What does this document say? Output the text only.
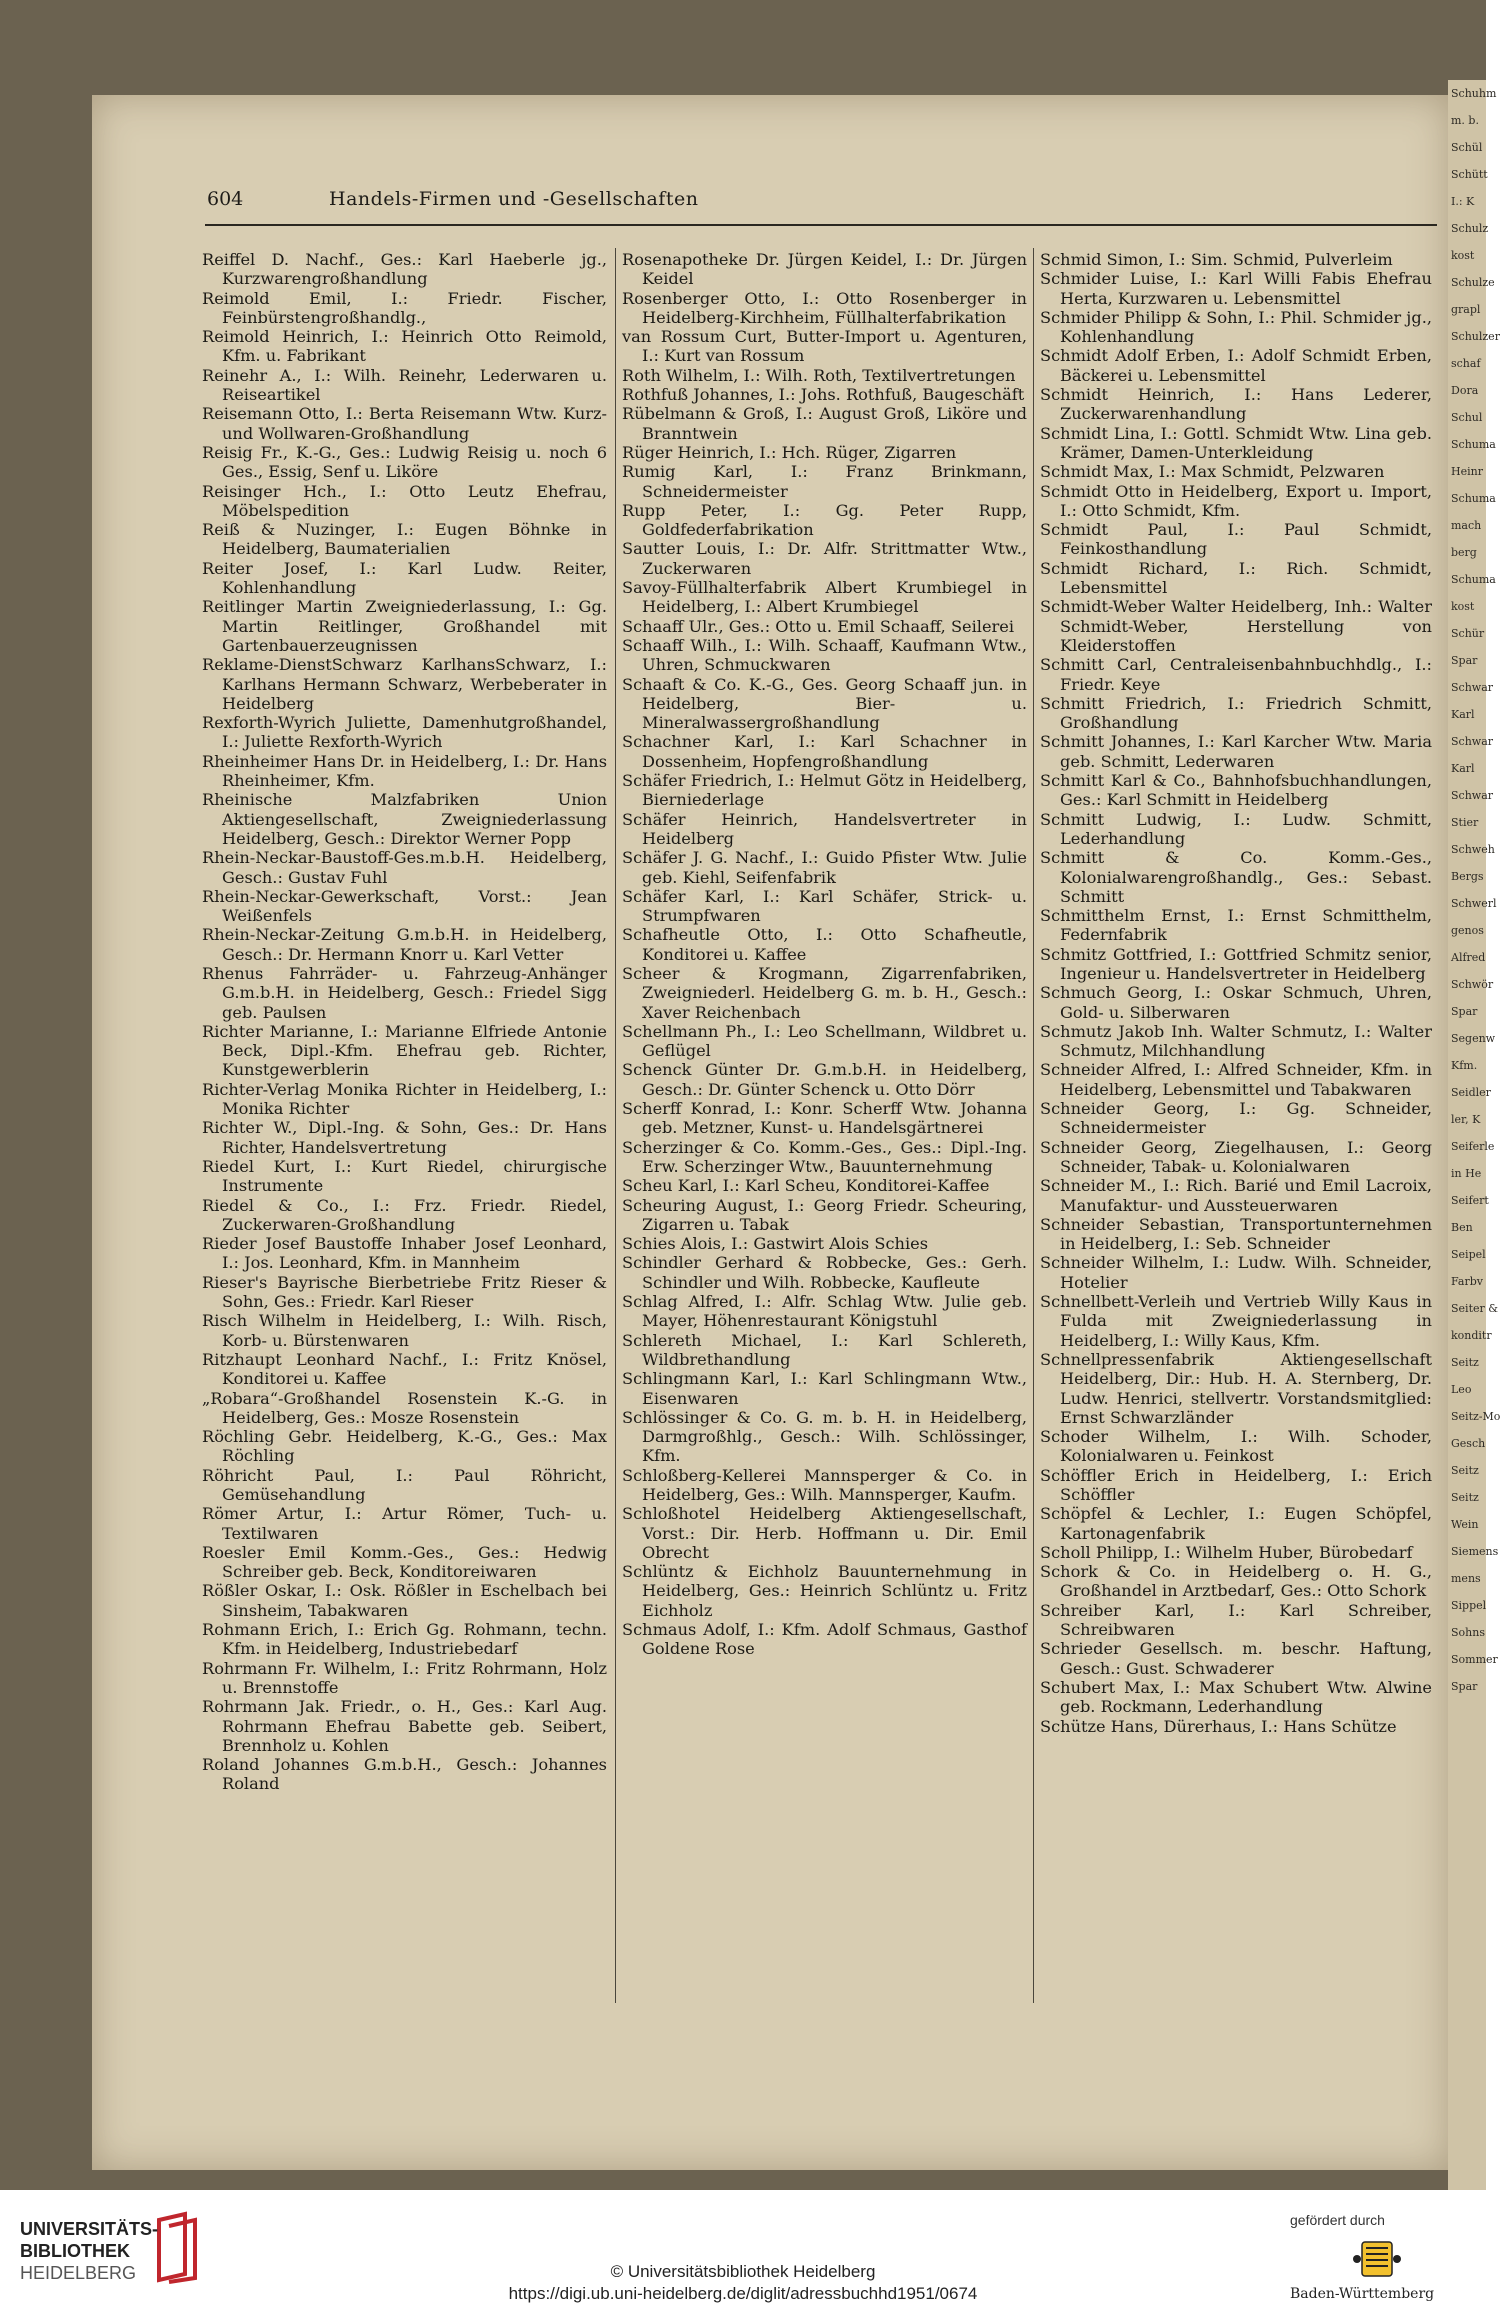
Schuhm
m. b.
Schül
Schütt
I.: K
Schulz
kost
Schulze
grapl
Schulzer
schaf
Dora
Schul
Schuma
Heinr
Schuma
mach
berg
Schuma
kost
Schür
Spar
Schwar
Karl
Schwar
Karl
Schwar
Stier
Schweh
Bergs
Schwerl
genos
Alfred
Schwör
Spar
Segenw
Kfm.
Seidler
ler, K
Seiferle
in He
Seifert
Ben
Seipel
Farbv
Seiter &
konditr
Seitz
Leo
Seitz-Mo
Gesch
Seitz
Seitz
Wein
Siemens
mens
Sippel
Sohns
Sommer
Spar
604	Handels-Firmen und -Gesellschaften

Reiffel D. Nachf., Ges.: Karl Haeberle jg., Kurzwarengroßhandlung

Reimold Emil, I.: Friedr. Fischer, Feinbürstengroßhandlg.,

Reimold Heinrich, I.: Heinrich Otto Reimold, Kfm. u. Fabrikant

Reinehr A., I.: Wilh. Reinehr, Lederwaren u. Reiseartikel

Reisemann Otto, I.: Berta Reisemann Wtw. Kurz- und Wollwaren-Großhandlung

Reisig Fr., K.-G., Ges.: Ludwig Reisig u. noch 6 Ges., Essig, Senf u. Liköre

Reisinger Hch., I.: Otto Leutz Ehefrau, Möbelspedition

Reiß & Nuzinger, I.: Eugen Böhnke in Heidelberg, Baumaterialien

Reiter Josef, I.: Karl Ludw. Reiter, Kohlenhandlung

Reitlinger Martin Zweigniederlassung, I.: Gg. Martin Reitlinger, Großhandel mit Gartenbauerzeugnissen

Reklame-DienstSchwarz KarlhansSchwarz, I.: Karlhans Hermann Schwarz, Werbeberater in Heidelberg

Rexforth-Wyrich Juliette, Damenhutgroßhandel, I.: Juliette Rexforth-Wyrich

Rheinheimer Hans Dr. in Heidelberg, I.: Dr. Hans Rheinheimer, Kfm.

Rheinische Malzfabriken Union Aktiengesellschaft, Zweigniederlassung Heidelberg, Gesch.: Direktor Werner Popp

Rhein-Neckar-Baustoff-Ges.m.b.H. Heidelberg, Gesch.: Gustav Fuhl

Rhein-Neckar-Gewerkschaft, Vorst.: Jean Weißenfels

Rhein-Neckar-Zeitung G.m.b.H. in Heidelberg, Gesch.: Dr. Hermann Knorr u. Karl Vetter

Rhenus Fahrräder- u. Fahrzeug-Anhänger G.m.b.H. in Heidelberg, Gesch.: Friedel Sigg geb. Paulsen

Richter Marianne, I.: Marianne Elfriede Antonie Beck, Dipl.-Kfm. Ehefrau geb. Richter, Kunstgewerblerin

Richter-Verlag Monika Richter in Heidelberg, I.: Monika Richter

Richter W., Dipl.-Ing. & Sohn, Ges.: Dr. Hans Richter, Handelsvertretung

Riedel Kurt, I.: Kurt Riedel, chirurgische Instrumente

Riedel & Co., I.: Frz. Friedr. Riedel, Zuckerwaren-Großhandlung

Rieder Josef Baustoffe Inhaber Josef Leonhard, I.: Jos. Leonhard, Kfm. in Mannheim

Rieser's Bayrische Bierbetriebe Fritz Rieser & Sohn, Ges.: Friedr. Karl Rieser

Risch Wilhelm in Heidelberg, I.: Wilh. Risch, Korb- u. Bürstenwaren

Ritzhaupt Leonhard Nachf., I.: Fritz Knösel, Konditorei u. Kaffee

„Robara“-Großhandel Rosenstein K.-G. in Heidelberg, Ges.: Mosze Rosenstein

Röchling Gebr. Heidelberg, K.-G., Ges.: Max Röchling

Röhricht Paul, I.: Paul Röhricht, Gemüsehandlung

Römer Artur, I.: Artur Römer, Tuch- u. Textilwaren

Roesler Emil Komm.-Ges., Ges.: Hedwig Schreiber geb. Beck, Konditoreiwaren

Rößler Oskar, I.: Osk. Rößler in Eschelbach bei Sinsheim, Tabakwaren

Rohmann Erich, I.: Erich Gg. Rohmann, techn. Kfm. in Heidelberg, Industriebedarf

Rohrmann Fr. Wilhelm, I.: Fritz Rohrmann, Holz u. Brennstoffe

Rohrmann Jak. Friedr., o. H., Ges.: Karl Aug. Rohrmann Ehefrau Babette geb. Seibert, Brennholz u. Kohlen

Roland Johannes G.m.b.H., Gesch.: Johannes Roland

Rosenapotheke Dr. Jürgen Keidel, I.: Dr. Jürgen Keidel

Rosenberger Otto, I.: Otto Rosenberger in Heidelberg-Kirchheim, Füllhalterfabrikation

van Rossum Curt, Butter-Import u. Agenturen, I.: Kurt van Rossum

Roth Wilhelm, I.: Wilh. Roth, Textilvertretungen

Rothfuß Johannes, I.: Johs. Rothfuß, Baugeschäft

Rübelmann & Groß, I.: August Groß, Liköre und Branntwein

Rüger Heinrich, I.: Hch. Rüger, Zigarren

Rumig Karl, I.: Franz Brinkmann, Schneidermeister

Rupp Peter, I.: Gg. Peter Rupp, Goldfederfabrikation

Sautter Louis, I.: Dr. Alfr. Strittmatter Wtw., Zuckerwaren

Savoy-Füllhalterfabrik Albert Krumbiegel in Heidelberg, I.: Albert Krumbiegel

Schaaff Ulr., Ges.: Otto u. Emil Schaaff, Seilerei

Schaaff Wilh., I.: Wilh. Schaaff, Kaufmann Wtw., Uhren, Schmuckwaren

Schaaft & Co. K.-G., Ges. Georg Schaaff jun. in Heidelberg, Bier- u. Mineralwassergroßhandlung

Schachner Karl, I.: Karl Schachner in Dossenheim, Hopfengroßhandlung

Schäfer Friedrich, I.: Helmut Götz in Heidelberg, Bierniederlage

Schäfer Heinrich, Handelsvertreter in Heidelberg

Schäfer J. G. Nachf., I.: Guido Pfister Wtw. Julie geb. Kiehl, Seifenfabrik

Schäfer Karl, I.: Karl Schäfer, Strick- u. Strumpfwaren

Schafheutle Otto, I.: Otto Schafheutle, Konditorei u. Kaffee

Scheer & Krogmann, Zigarrenfabriken, Zweigniederl. Heidelberg G. m. b. H., Gesch.: Xaver Reichenbach

Schellmann Ph., I.: Leo Schellmann, Wildbret u. Geflügel

Schenck Günter Dr. G.m.b.H. in Heidelberg, Gesch.: Dr. Günter Schenck u. Otto Dörr

Scherff Konrad, I.: Konr. Scherff Wtw. Johanna geb. Metzner, Kunst- u. Handelsgärtnerei

Scherzinger & Co. Komm.-Ges., Ges.: Dipl.-Ing. Erw. Scherzinger Wtw., Bauunternehmung

Scheu Karl, I.: Karl Scheu, Konditorei-Kaffee

Scheuring August, I.: Georg Friedr. Scheuring, Zigarren u. Tabak

Schies Alois, I.: Gastwirt Alois Schies

Schindler Gerhard & Robbecke, Ges.: Gerh. Schindler und Wilh. Robbecke, Kaufleute

Schlag Alfred, I.: Alfr. Schlag Wtw. Julie geb. Mayer, Höhenrestaurant Königstuhl

Schlereth Michael, I.: Karl Schlereth, Wildbrethandlung

Schlingmann Karl, I.: Karl Schlingmann Wtw., Eisenwaren

Schlössinger & Co. G. m. b. H. in Heidelberg, Darmgroßhlg., Gesch.: Wilh. Schlössinger, Kfm.

Schloßberg-Kellerei Mannsperger & Co. in Heidelberg, Ges.: Wilh. Mannsperger, Kaufm.

Schloßhotel Heidelberg Aktiengesellschaft, Vorst.: Dir. Herb. Hoffmann u. Dir. Emil Obrecht

Schlüntz & Eichholz Bauunternehmung in Heidelberg, Ges.: Heinrich Schlüntz u. Fritz Eichholz

Schmaus Adolf, I.: Kfm. Adolf Schmaus, Gasthof Goldene Rose

Schmid Simon, I.: Sim. Schmid, Pulverleim

Schmider Luise, I.: Karl Willi Fabis Ehefrau Herta, Kurzwaren u. Lebensmittel

Schmider Philipp & Sohn, I.: Phil. Schmider jg., Kohlenhandlung

Schmidt Adolf Erben, I.: Adolf Schmidt Erben, Bäckerei u. Lebensmittel

Schmidt Heinrich, I.: Hans Lederer, Zuckerwarenhandlung

Schmidt Lina, I.: Gottl. Schmidt Wtw. Lina geb. Krämer, Damen-Unterkleidung

Schmidt Max, I.: Max Schmidt, Pelzwaren

Schmidt Otto in Heidelberg, Export u. Import, I.: Otto Schmidt, Kfm.

Schmidt Paul, I.: Paul Schmidt, Feinkosthandlung

Schmidt Richard, I.: Rich. Schmidt, Lebensmittel

Schmidt-Weber Walter Heidelberg, Inh.: Walter Schmidt-Weber, Herstellung von Kleiderstoffen

Schmitt Carl, Centraleisenbahnbuchhdlg., I.: Friedr. Keye

Schmitt Friedrich, I.: Friedrich Schmitt, Großhandlung

Schmitt Johannes, I.: Karl Karcher Wtw. Maria geb. Schmitt, Lederwaren

Schmitt Karl & Co., Bahnhofsbuchhandlungen, Ges.: Karl Schmitt in Heidelberg

Schmitt Ludwig, I.: Ludw. Schmitt, Lederhandlung

Schmitt & Co. Komm.-Ges., Kolonialwarengroßhandlg., Ges.: Sebast. Schmitt

Schmitthelm Ernst, I.: Ernst Schmitthelm, Federnfabrik

Schmitz Gottfried, I.: Gottfried Schmitz senior, Ingenieur u. Handelsvertreter in Heidelberg

Schmuch Georg, I.: Oskar Schmuch, Uhren, Gold- u. Silberwaren

Schmutz Jakob Inh. Walter Schmutz, I.: Walter Schmutz, Milchhandlung

Schneider Alfred, I.: Alfred Schneider, Kfm. in Heidelberg, Lebensmittel und Tabakwaren

Schneider Georg, I.: Gg. Schneider, Schneidermeister

Schneider Georg, Ziegelhausen, I.: Georg Schneider, Tabak- u. Kolonialwaren

Schneider M., I.: Rich. Barié und Emil Lacroix, Manufaktur- und Aussteuerwaren

Schneider Sebastian, Transportunternehmen in Heidelberg, I.: Seb. Schneider

Schneider Wilhelm, I.: Ludw. Wilh. Schneider, Hotelier

Schnellbett-Verleih und Vertrieb Willy Kaus in Fulda mit Zweigniederlassung in Heidelberg, I.: Willy Kaus, Kfm.

Schnellpressenfabrik Aktiengesellschaft Heidelberg, Dir.: Hub. H. A. Sternberg, Dr. Ludw. Henrici, stellvertr. Vorstandsmitglied: Ernst Schwarzländer

Schoder Wilhelm, I.: Wilh. Schoder, Kolonialwaren u. Feinkost

Schöffler Erich in Heidelberg, I.: Erich Schöffler

Schöpfel & Lechler, I.: Eugen Schöpfel, Kartonagenfabrik

Scholl Philipp, I.: Wilhelm Huber, Bürobedarf

Schork & Co. in Heidelberg o. H. G., Großhandel in Arztbedarf, Ges.: Otto Schork

Schreiber Karl, I.: Karl Schreiber, Schreibwaren

Schrieder Gesellsch. m. beschr. Haftung, Gesch.: Gust. Schwaderer

Schubert Max, I.: Max Schubert Wtw. Alwine geb. Rockmann, Lederhandlung

Schütze Hans, Dürerhaus, I.: Hans Schütze

UNIVERSITÄTS-
BIBLIOTHEK
HEIDELBERG	© Universitätsbibliothek Heidelberg
https://digi.ub.uni-heidelberg.de/diglit/adressbuchhd1951/0674
gefördert durch
Baden-Württemberg
